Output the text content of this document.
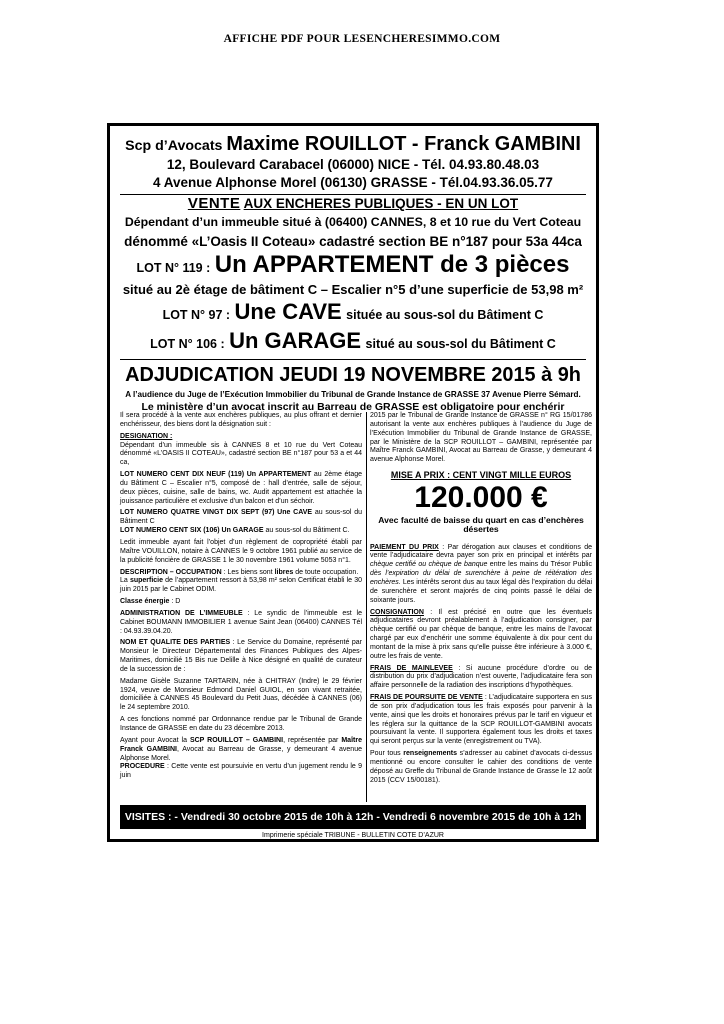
AFFICHE PDF POUR LESENCHERESIMMO.COM
Scp d’Avocats Maxime ROUILLOT - Franck GAMBINI
12, Boulevard Carabacel (06000) NICE - Tél. 04.93.80.48.03
4 Avenue Alphonse Morel (06130) GRASSE - Tél.04.93.36.05.77
VENTE AUX ENCHERES PUBLIQUES - EN UN LOT
Dépendant d’un immeuble situé à (06400) CANNES, 8 et 10 rue du Vert Coteau
dénommé «L’Oasis II Coteau» cadastré section BE n°187 pour 53a 44ca
LOT N° 119 : Un APPARTEMENT de 3 pièces
situé au 2è étage de bâtiment C – Escalier n°5 d’une superficie de 53,98 m²
LOT N° 97 : Une CAVE située au sous-sol du Bâtiment C
LOT N° 106 : Un GARAGE situé au sous-sol du Bâtiment C
ADJUDICATION JEUDI 19 NOVEMBRE 2015 à 9h
A l’audience du Juge de l’Exécution Immobilier du Tribunal de Grande Instance de GRASSE 37 Avenue Pierre Sémard.
Le ministère d’un avocat inscrit au Barreau de GRASSE est obligatoire pour enchérir

Il sera procédé à la vente aux enchères publiques, au plus offrant et dernier enchérisseur, des biens dont la désignation suit :

DESIGNATION :
Dépendant d’un immeuble sis à CANNES 8 et 10 rue du Vert Coteau dénommé «L’OASIS II COTEAU», cadastré section BE n°187 pour 53 a et 44 ca,

LOT NUMERO CENT DIX NEUF (119) Un APPARTEMENT au 2ème étage du Bâtiment C – Escalier n°5, composé de : hall d’entrée, salle de séjour, deux pièces, cuisine, salle de bains, wc. Audit appartement est attachée la jouissance particulière et exclusive d’un balcon et d’un séchoir.

LOT NUMERO QUATRE VINGT DIX SEPT (97) Une CAVE au sous-sol du Bâtiment C
LOT NUMERO CENT SIX (106) Un GARAGE au sous-sol du Bâtiment C.

Ledit immeuble ayant fait l’objet d’un règlement de copropriété établi par Maître VOUILLON, notaire à CANNES le 9 octobre 1961 publié au service de la publicité foncière de GRASSE 1 le 30 novembre 1961 volume 5053 n°1.

DESCRIPTION – OCCUPATION : Les biens sont libres de toute occupation.
La superficie de l’appartement ressort à 53,98 m² selon Certificat établi le 30 juin 2015 par le Cabinet ODIM.

Classe énergie : D

ADMINISTRATION DE L’IMMEUBLE : Le syndic de l’immeuble est le Cabinet BOUMANN IMMOBILIER 1 avenue Saint Jean (06400) CANNES Tél : 04.93.39.04.20.

NOM ET QUALITE DES PARTIES : Le Service du Domaine, représenté par Monsieur le Directeur Départemental des Finances Publiques des Alpes-Maritimes, domicilié 15 Bis rue Delille à Nice désigné en qualité de curateur de la succession de :

Madame Gisèle Suzanne TARTARIN, née à CHITRAY (Indre) le 29 février 1924, veuve de Monsieur Edmond Daniel GUIOL, en son vivant retraitée, domiciliée à CANNES 45 Boulevard du Petit Juas, décédée à CANNES (06) le 24 septembre 2010.

A ces fonctions nommé par Ordonnance rendue par le Tribunal de Grande Instance de GRASSE en date du 23 décembre 2013.

Ayant pour Avocat la SCP ROUILLOT – GAMBINI, représentée par Maître Franck GAMBINI, Avocat au Barreau de Grasse, y demeurant 4 avenue Alphonse Morel.
PROCEDURE : Cette vente est poursuivie en vertu d’un jugement rendu le 9 juin

2015 par le Tribunal de Grande Instance de GRASSE n° RG 15/01786 autorisant la vente aux enchères publiques à l’audience du Juge de l’Exécution Immobilier du Tribunal de Grande Instance de GRASSE, par le Ministère de la SCP ROUILLOT – GAMBINI, représentée par Maître Franck GAMBINI, Avocat au Barreau de Grasse, y demeurant 4 avenue Alphonse Morel.

MISE A PRIX : CENT VINGT MILLE EUROS
120.000 €
Avec faculté de baisse du quart en cas d’enchères désertes

PAIEMENT DU PRIX : Par dérogation aux clauses et conditions de vente l’adjudicataire devra payer son prix en principal et intérêts par chèque certifié ou chèque de banque entre les mains du Trésor Public dès l’expiration du délai de surenchère à peine de réitération des enchères. Les intérêts seront dus au taux légal dès l’expiration du délai de surenchère et seront majorés de cinq points passé le délai de soixante jours.

CONSIGNATION : Il est précisé en outre que les éventuels adjudicataires devront préalablement à l’adjudication consigner, par chèque certifié ou par chèque de banque, entre les mains de l’avocat chargé par eux d’enchérir une somme équivalente à dix pour cent du montant de la mise à prix sans qu’elle puisse être inférieure à 3.000 €, outre les frais de vente.

FRAIS DE MAINLEVEE : Si aucune procédure d’ordre ou de distribution du prix d’adjudication n’est ouverte, l’adjudicataire fera son affaire personnelle de la radiation des inscriptions d’hypothèques.

FRAIS DE POURSUITE DE VENTE : L’adjudicataire supportera en sus de son prix d’adjudication tous les frais exposés pour parvenir à la vente, ainsi que les droits et honoraires prévus par le tarif en vigueur et les réglera sur la quittance de la SCP ROUILLOT-GAMBINI avocats poursuivant la vente. Il supportera également tous les droits et taxes qui seront perçus sur la vente (enregistrement ou TVA).

Pour tous renseignements s’adresser au cabinet d’avocats ci-dessus mentionné ou encore consulter le cahier des conditions de vente déposé au Greffe du Tribunal de Grande Instance de Grasse le 12 août 2015 (CCV 15/00181).

VISITES : - Vendredi 30 octobre 2015 de 10h à 12h - Vendredi 6 novembre 2015 de 10h à 12h
Imprimerie spéciale TRIBUNE - BULLETIN COTE D’AZUR
